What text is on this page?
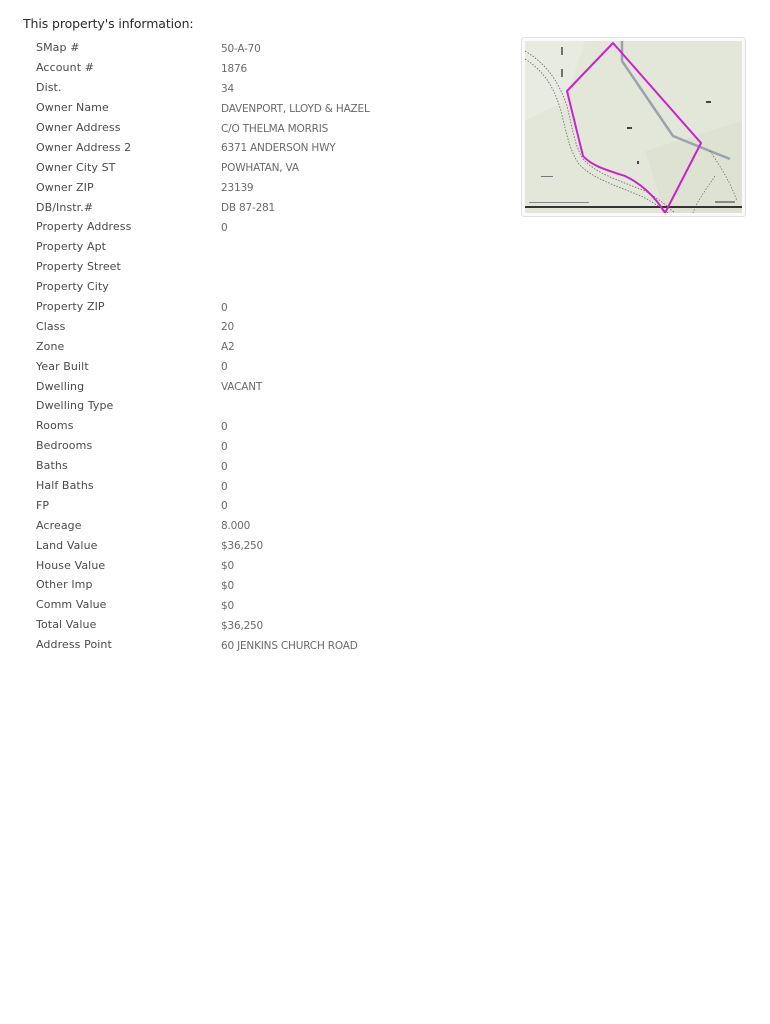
This property's information:
SMap #	50-A-70
Account #	1876
Dist.	34
Owner Name	DAVENPORT, LLOYD & HAZEL
Owner Address	C/O THELMA MORRIS
Owner Address 2	6371 ANDERSON HWY
Owner City ST	POWHATAN, VA
Owner ZIP	23139
DB/Instr.#	DB 87-281
Property Address	0
Property Apt
Property Street
Property City
Property ZIP	0
Class	20
Zone	A2
Year Built	0
Dwelling	VACANT
Dwelling Type
Rooms	0
Bedrooms	0
Baths	0
Half Baths	0
FP	0
Acreage	8.000
Land Value	$36,250
House Value	$0
Other Imp	$0
Comm Value	$0
Total Value	$36,250
Address Point	60 JENKINS CHURCH ROAD
